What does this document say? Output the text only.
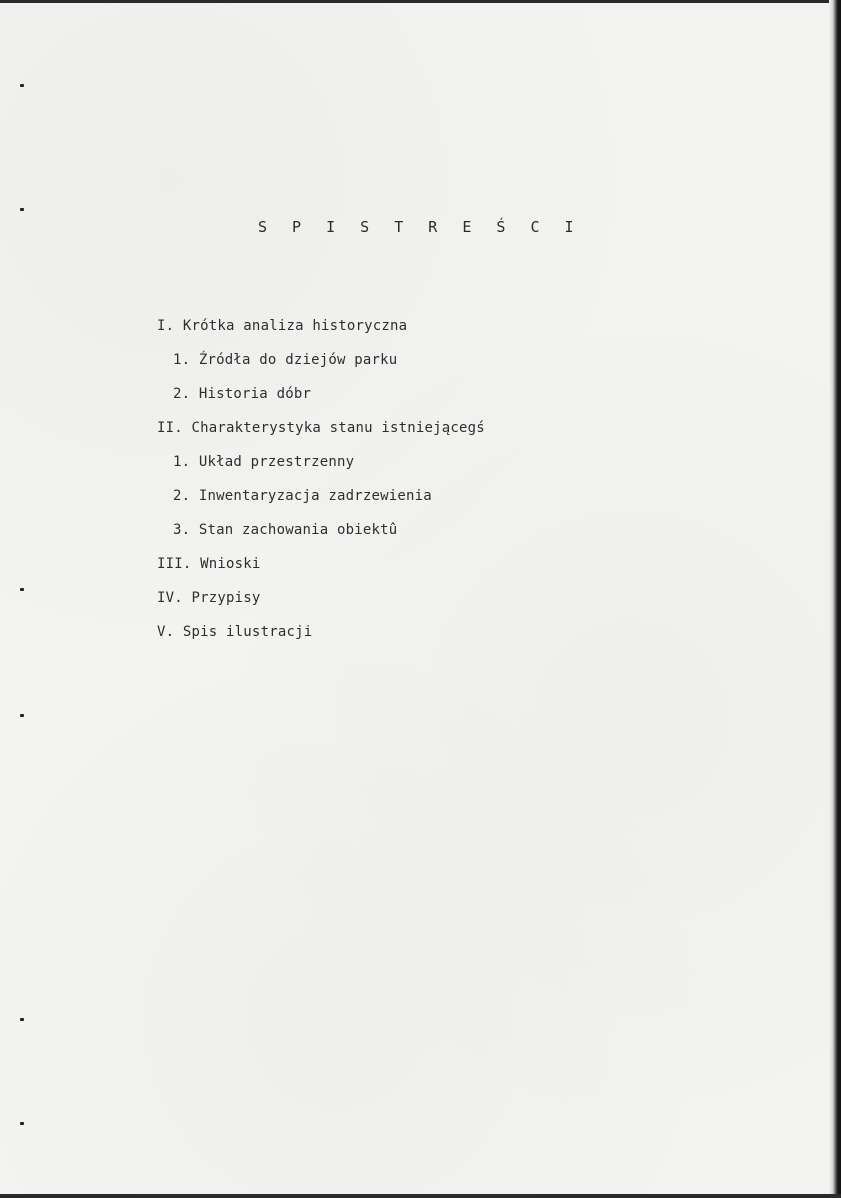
S P I S T R E Ś C I
I. Krótka analiza historyczna
1. Źródła do dziejów parku
2. Historia dóbr
II. Charakterystyka stanu istniejącegś
1. Układ przestrzenny
2. Inwentaryzacja zadrzewienia
3. Stan zachowania obiektû
III. Wnioski
IV. Przypisy
V. Spis ilustracji
